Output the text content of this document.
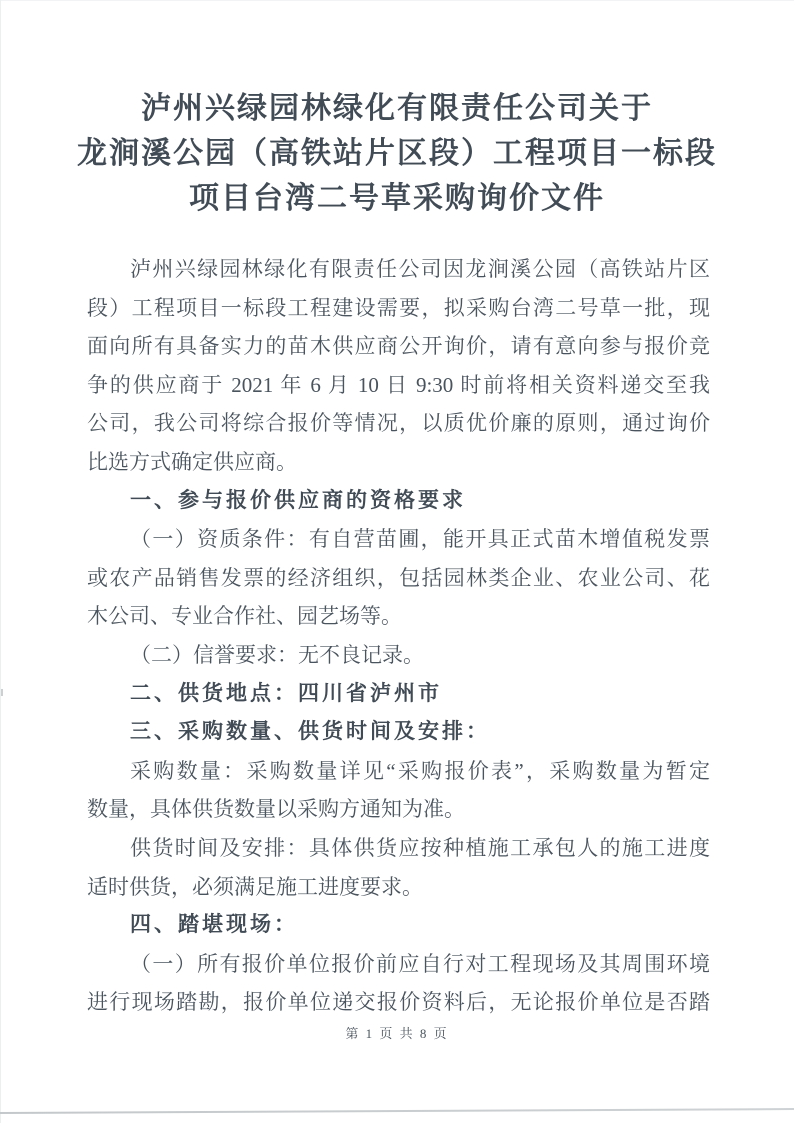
泸州兴绿园林绿化有限责任公司关于
龙涧溪公园（高铁站片区段）工程项目一标段
项目台湾二号草采购询价文件
泸州兴绿园林绿化有限责任公司因龙涧溪公园（高铁站片区
段）工程项目一标段工程建设需要，拟采购台湾二号草一批，现
面向所有具备实力的苗木供应商公开询价，请有意向参与报价竞
争的供应商于 2021 年 6 月 10 日 9:30 时前将相关资料递交至我
公司，我公司将综合报价等情况，以质优价廉的原则，通过询价
比选方式确定供应商。
一、参与报价供应商的资格要求
（一）资质条件：有自营苗圃，能开具正式苗木增值税发票
或农产品销售发票的经济组织，包括园林类企业、农业公司、花
木公司、专业合作社、园艺场等。
（二）信誉要求：无不良记录。
二、供货地点：四川省泸州市
三、采购数量、供货时间及安排：
采购数量：采购数量详见“采购报价表”，采购数量为暂定
数量，具体供货数量以采购方通知为准。
供货时间及安排：具体供货应按种植施工承包人的施工进度
适时供货，必须满足施工进度要求。
四、踏堪现场：
（一）所有报价单位报价前应自行对工程现场及其周围环境
进行现场踏勘，报价单位递交报价资料后，无论报价单位是否踏
第 1 页 共 8 页
